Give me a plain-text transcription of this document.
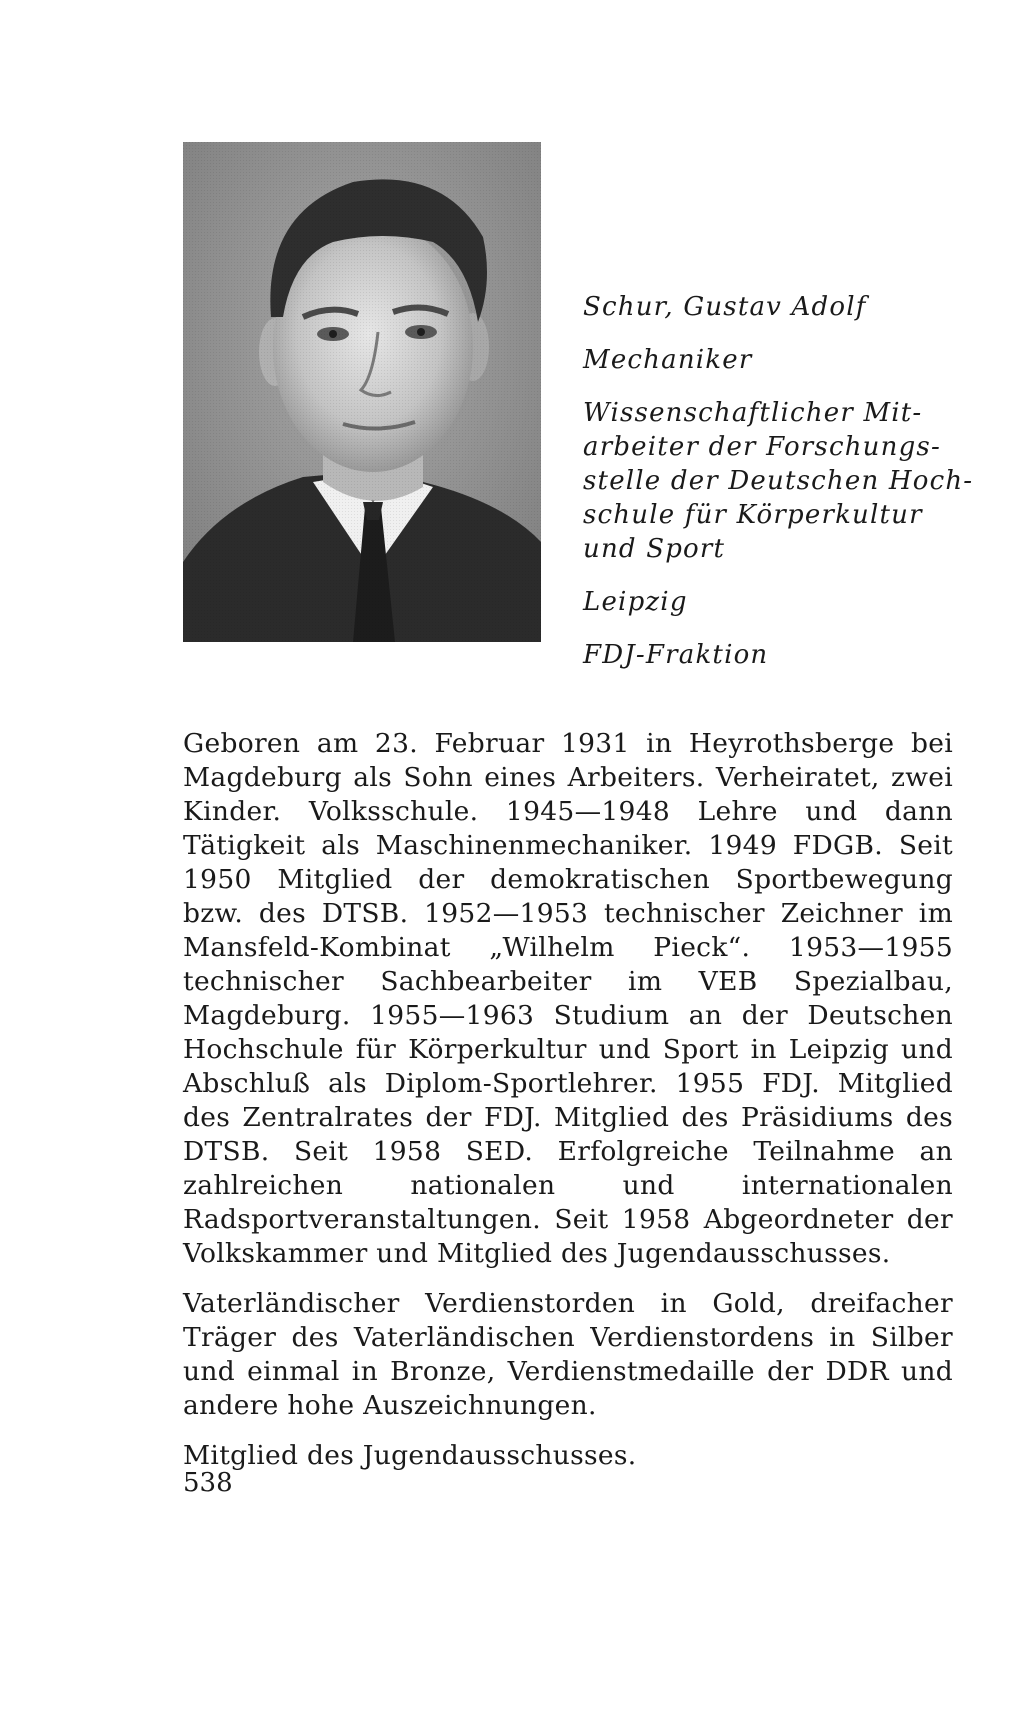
Schur, Gustav Adolf

Mechaniker

Wissenschaftlicher Mit-

arbeiter der Forschungs-

stelle der Deutschen Hoch-

schule für Körperkultur

und Sport

Leipzig

FDJ-Fraktion

Geboren am 23. Februar 1931 in Heyrothsberge bei Magdeburg als Sohn eines Arbeiters. Verheiratet, zwei Kinder. Volksschule. 1945—1948 Lehre und dann Tätigkeit als Maschinenmechaniker. 1949 FDGB. Seit 1950 Mitglied der demokratischen Sportbewegung bzw. des DTSB. 1952—1953 technischer Zeichner im Mansfeld-Kombinat „Wilhelm Pieck“. 1953—1955 technischer Sachbearbeiter im VEB Spezialbau, Magdeburg. 1955—1963 Studium an der Deutschen Hochschule für Körperkultur und Sport in Leipzig und Abschluß als Diplom-Sportlehrer. 1955 FDJ. Mitglied des Zentralrates der FDJ. Mitglied des Präsidiums des DTSB. Seit 1958 SED. Erfolgreiche Teilnahme an zahlreichen nationalen und internationalen Radsportveranstaltungen. Seit 1958 Abgeordneter der Volkskammer und Mitglied des Jugendausschusses.

Vaterländischer Verdienstorden in Gold, dreifacher Träger des Vaterländischen Verdienstordens in Silber und einmal in Bronze, Verdienstmedaille der DDR und andere hohe Auszeichnungen.

Mitglied des Jugendausschusses.

538
